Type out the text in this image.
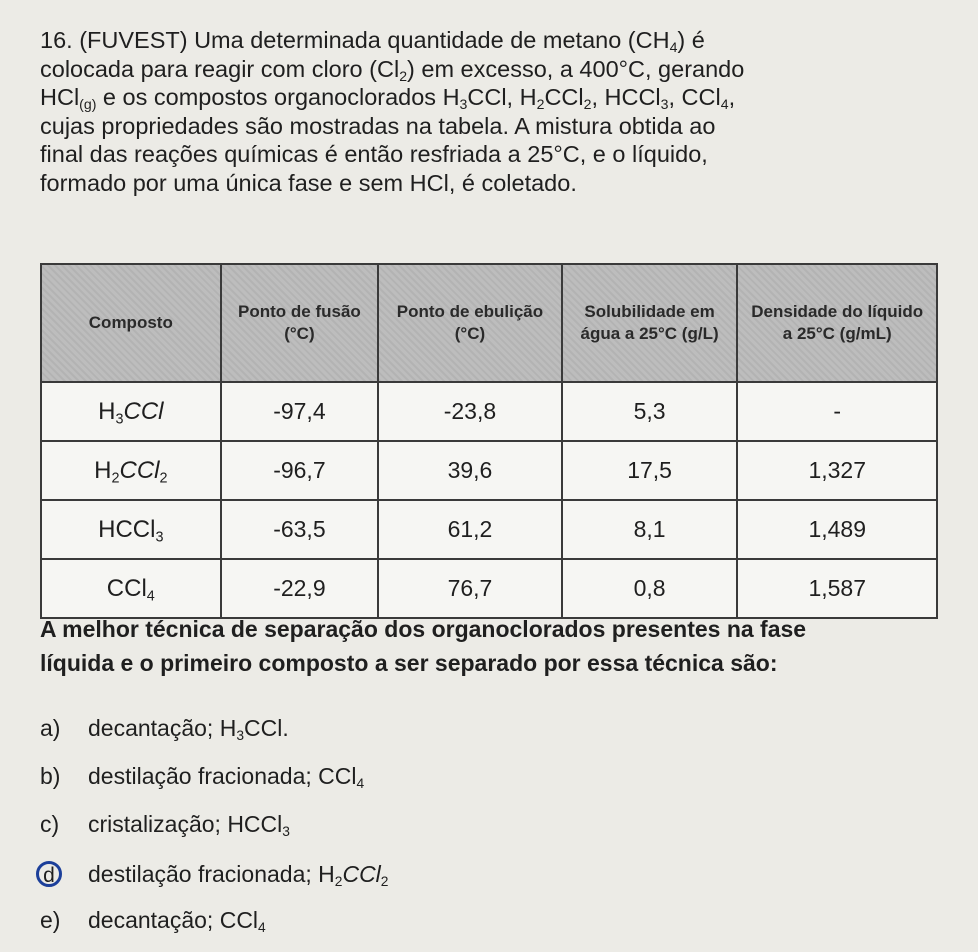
16. (FUVEST) Uma determinada quantidade de metano $(CH_4)$ é

colocada para reagir com cloro $(Cl_2)$ em excesso, a 400°C, gerando

HCl$_{(g)}$ e os compostos organoclorados $H_3CCl$, $H_2CCl_2$, HCCl$_3$, CCl$_4$,

cujas propriedades são mostradas na tabela. A mistura obtida ao

final das reações químicas é então resfriada a 25°C, e o líquido,

formado por uma única fase e sem HCl, é coletado.

Composto	Ponto de fusão (°C)	Ponto de ebulição (°C)	Solubilidade em água a 25°C (g/L)	Densidade do líquido a 25°C (g/mL)
$H_3CCl$	-97,4	-23,8	5,3	-
$H_2CCl_2$	-96,7	39,6	17,5	1,327
HCCl$_3$	-63,5	61,2	8,1	1,489
CCl$_4$	-22,9	76,7	0,8	1,587

A melhor técnica de separação dos organoclorados presentes na fase

líquida e o primeiro composto a ser separado por essa técnica são:

a) decantação; $H_3CCl$.
b) destilação fracionada; CCl$_4$
c) cristalização; HCCl$_3$
d destilação fracionada; $H_2CCl_2$
e) decantação; CCl$_4$
